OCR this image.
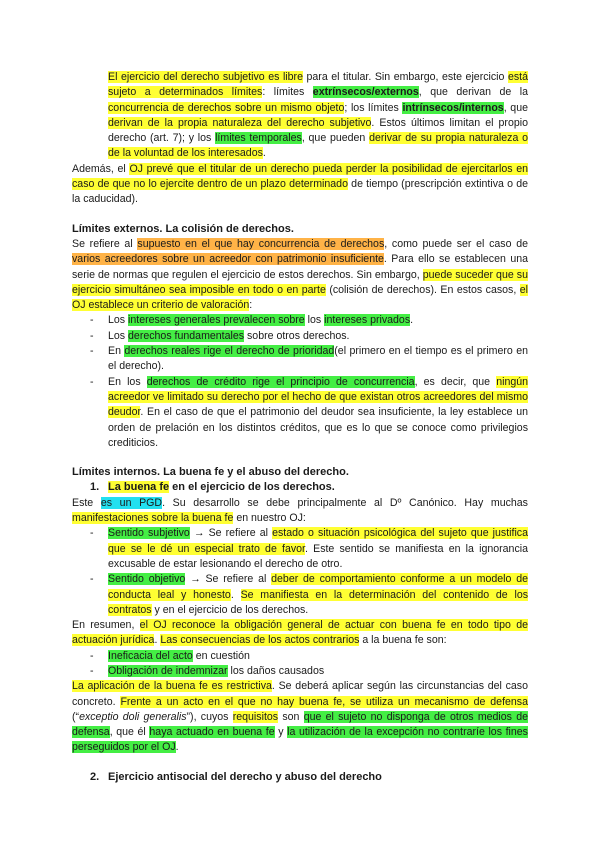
El ejercicio del derecho subjetivo es libre para el titular. Sin embargo, este ejercicio está sujeto a determinados límites: límites extrínsecos/externos, que derivan de la concurrencia de derechos sobre un mismo objeto; los límites intrínsecos/internos, que derivan de la propia naturaleza del derecho subjetivo. Estos últimos limitan el propio derecho (art. 7); y los límites temporales, que pueden derivar de su propia naturaleza o de la voluntad de los interesados.

Además, el OJ prevé que el titular de un derecho pueda perder la posibilidad de ejercitarlos en caso de que no lo ejercite dentro de un plazo determinado de tiempo (prescripción extintiva o de la caducidad).

Límites externos. La colisión de derechos.

Se refiere al supuesto en el que hay concurrencia de derechos, como puede ser el caso de varios acreedores sobre un acreedor con patrimonio insuficiente. Para ello se establecen una serie de normas que regulen el ejercicio de estos derechos. Sin embargo, puede suceder que su ejercicio simultáneo sea imposible en todo o en parte (colisión de derechos). En estos casos, el OJ establece un criterio de valoración:

- Los intereses generales prevalecen sobre los intereses privados.
- Los derechos fundamentales sobre otros derechos.
- En derechos reales rige el derecho de prioridad(el primero en el tiempo es el primero en el derecho).
- En los derechos de crédito rige el principio de concurrencia, es decir, que ningún acreedor ve limitado su derecho por el hecho de que existan otros acreedores del mismo deudor. En el caso de que el patrimonio del deudor sea insuficiente, la ley establece un orden de prelación en los distintos créditos, que es lo que se conoce como privilegios crediticios.
Límites internos. La buena fe y el abuso del derecho.
1. La buena fe en el ejercicio de los derechos.

Este es un PGD. Su desarrollo se debe principalmente al Dº Canónico. Hay muchas manifestaciones sobre la buena fe en nuestro OJ:

- Sentido subjetivo → Se refiere al estado o situación psicológica del sujeto que justifica que se le dé un especial trato de favor. Este sentido se manifiesta en la ignorancia excusable de estar lesionando el derecho de otro.
- Sentido objetivo → Se refiere al deber de comportamiento conforme a un modelo de conducta leal y honesto. Se manifiesta en la determinación del contenido de los contratos y en el ejercicio de los derechos.

En resumen, el OJ reconoce la obligación general de actuar con buena fe en todo tipo de actuación jurídica. Las consecuencias de los actos contrarios a la buena fe son:

- Ineficacia del acto en cuestión
- Obligación de indemnizar los daños causados

La aplicación de la buena fe es restrictiva. Se deberá aplicar según las circunstancias del caso concreto. Frente a un acto en el que no hay buena fe, se utiliza un mecanismo de defensa (“exceptio doli generalis”), cuyos requisitos son que el sujeto no disponga de otros medios de defensa, que él haya actuado en buena fe y la utilización de la excepción no contraríe los fines perseguidos por el OJ.

2. Ejercicio antisocial del derecho y abuso del derecho
